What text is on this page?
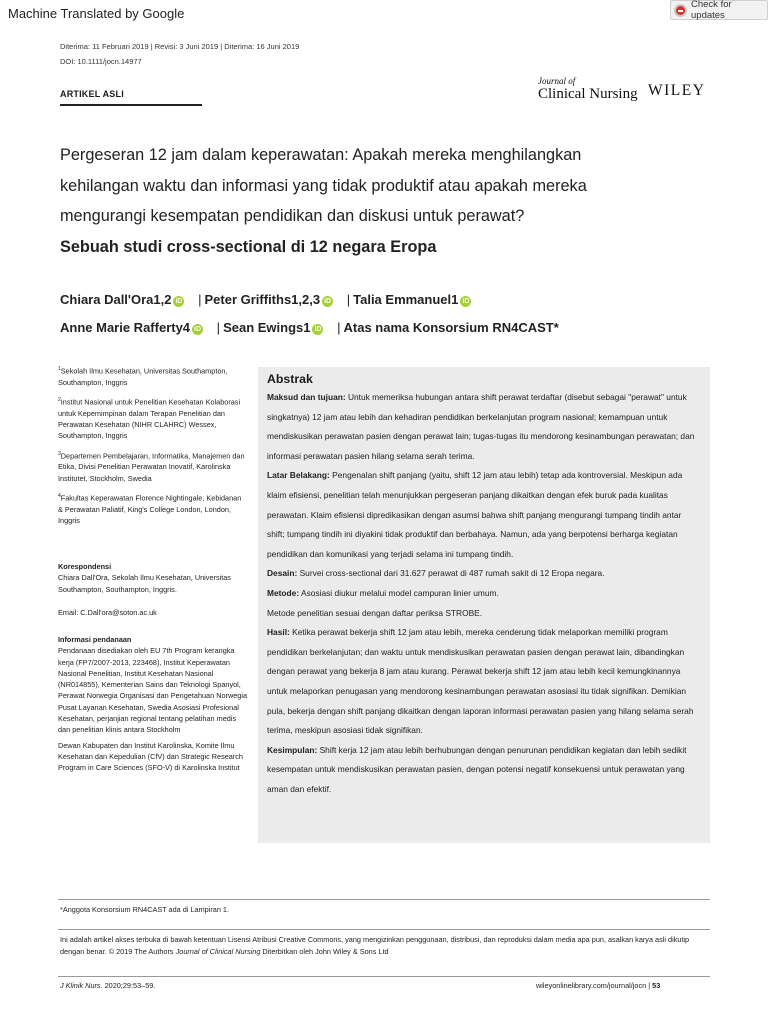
Machine Translated by Google
Check for updates
Diterima: 11 Februari 2019 | Revisi: 3 Juni 2019 | Diterima: 16 Juni 2019
DOI: 10.1111/jocn.14977
ARTIKEL ASLI
Journal of
Clinical Nursing WILEY
Pergeseran 12 jam dalam keperawatan: Apakah mereka menghilangkan
kehilangan waktu dan informasi yang tidak produktif atau apakah mereka
mengurangi kesempatan pendidikan dan diskusi untuk perawat?
Sebuah studi cross-sectional di 12 negara Eropa
Chiara Dall'Ora1,2 iD | Peter Griffiths1,2,3 iD | Talia Emmanuel1 iD
Anne Marie Rafferty4 iD | Sean Ewings1 iD | Atas nama Konsorsium RN4CAST*

$^1$Sekolah Ilmu Kesehatan, Universitas Southampton, Southampton, Inggris

$^2$Institut Nasional untuk Penelitian Kesehatan Kolaborasi untuk Kepemimpinan dalam Terapan Penelitian dan Perawatan Kesehatan (NIHR CLAHRC) Wessex, Southampton, Inggris

$^3$Departemen Pembelajaran, Informatika, Manajemen dan Etika, Divisi Penelitian Perawatan Inovatif, Karolinska Institutet, Stockholm, Swedia

$^4$Fakultas Keperawatan Florence Nightingale, Kebidanan & Perawatan Paliatif, King's College London, London, Inggris

Korespondensi

Chiara Dall'Ora, Sekolah Ilmu Kesehatan, Universitas Southampton, Southampton, Inggris.

Email: C.Dall'ora@soton.ac.uk

Informasi pendanaan

Pendanaan disediakan oleh EU 7th Program kerangka kerja (FP7/2007-2013, 223468), Institut Keperawatan Nasional Penelitian, Institut Kesehatan Nasional (NR014855), Kementerian Sains dan Teknologi Spanyol, Perawat Norwegia Organisasi dan Pengetahuan Norwegia Pusat Layanan Kesehatan, Swedia Asosiasi Profesional Kesehatan, perjanjian regional tentang pelatihan medis dan penelitian klinis antara Stockholm

Dewan Kabupaten dan Institut Karolinska, Komite Ilmu Kesehatan dan Kepedulian (CfV) dan Strategic Research Program in Care Sciences (SFO-V) di Karolinska Institut

Abstrak
Maksud dan tujuan: Untuk memeriksa hubungan antara shift perawat terdaftar (disebut sebagai "perawat" untuk singkatnya) 12 jam atau lebih dan kehadiran pendidikan berkelanjutan program nasional; kemampuan untuk mendiskusikan perawatan pasien dengan perawat lain; tugas-tugas itu mendorong kesinambungan perawatan; dan informasi perawatan pasien hilang selama serah terima.
Latar Belakang: Pengenalan shift panjang (yaitu, shift 12 jam atau lebih) tetap ada kontroversial. Meskipun ada klaim efisiensi, penelitian telah menunjukkan pergeseran panjang dikaitkan dengan efek buruk pada kualitas perawatan. Klaim efisiensi dipredikasikan dengan asumsi bahwa shift panjang mengurangi tumpang tindih antar shift; tumpang tindih ini diyakini tidak produktif dan berbahaya. Namun, ada yang berpotensi berharga kegiatan pendidikan dan komunikasi yang terjadi selama ini tumpang tindih.
Desain: Survei cross-sectional dari 31.627 perawat di 487 rumah sakit di 12 Eropa negara.
Metode: Asosiasi diukur melalui model campuran linier umum.
Metode penelitian sesuai dengan daftar periksa STROBE.
Hasil: Ketika perawat bekerja shift 12 jam atau lebih, mereka cenderung tidak melaporkan memiliki program pendidikan berkelanjutan; dan waktu untuk mendiskusikan perawatan pasien dengan perawat lain, dibandingkan dengan perawat yang bekerja 8 jam atau kurang. Perawat bekerja shift 12 jam atau lebih kecil kemungkinannya untuk melaporkan penugasan yang mendorong kesinambungan perawatan asosiasi itu tidak signifikan. Demikian pula, bekerja dengan shift panjang dikaitkan dengan laporan informasi perawatan pasien yang hilang selama serah terima, meskipun asosiasi tidak signifikan.
Kesimpulan: Shift kerja 12 jam atau lebih berhubungan dengan penurunan pendidikan kegiatan dan lebih sedikit kesempatan untuk mendiskusikan perawatan pasien, dengan potensi negatif konsekuensi untuk perawatan yang aman dan efektif.
*Anggota Konsorsium RN4CAST ada di Lampiran 1.
Ini adalah artikel akses terbuka di bawah ketentuan Lisensi Atribusi Creative Commons, yang mengizinkan penggunaan, distribusi, dan reproduksi dalam media apa pun, asalkan karya asli dikutip dengan benar. © 2019 The Authors Journal of Clinical Nursing Diterbitkan oleh John Wiley & Sons Ltd
J Klinik Nurs. 2020;29:53–59.	wileyonlinelibrary.com/journal/jocn | 53
